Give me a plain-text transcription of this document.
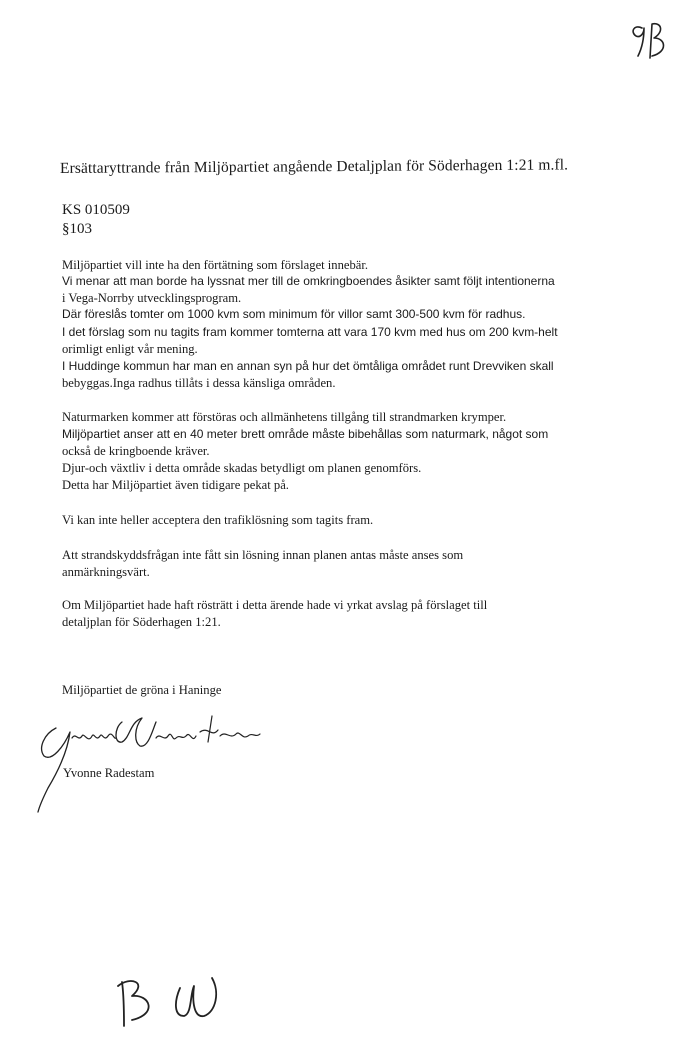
Ersättaryttrande från Miljöpartiet angående Detaljplan för Söderhagen 1:21 m.fl.
KS 010509
§103
Miljöpartiet vill inte ha den förtätning som förslaget innebär.
Vi menar att man borde ha lyssnat mer till de omkringboendes åsikter samt följt intentionerna
i Vega-Norrby utvecklingsprogram.
Där föreslås tomter om 1000 kvm som minimum för villor samt 300-500 kvm för radhus.
I det förslag som nu tagits fram kommer tomterna att vara 170 kvm med hus om 200 kvm-helt
orimligt enligt vår mening.
I Huddinge kommun har man en annan syn på hur det ömtåliga området runt Drevviken skall
bebyggas.Inga radhus tillåts i dessa känsliga områden.
Naturmarken kommer att förstöras och allmänhetens tillgång till strandmarken krymper.
Miljöpartiet anser att en 40 meter brett område måste bibehållas som naturmark, något som
också de kringboende kräver.
Djur-och växtliv i detta område skadas betydligt om planen genomförs.
Detta har Miljöpartiet även tidigare pekat på.
Vi kan inte heller acceptera den trafiklösning som tagits fram.
Att strandskyddsfrågan inte fått sin lösning innan planen antas måste anses som
anmärkningsvärt.
Om Miljöpartiet hade haft rösträtt i detta ärende hade vi yrkat avslag på förslaget till
detaljplan för Söderhagen 1:21.
Miljöpartiet de gröna i Haninge
Yvonne Radestam
